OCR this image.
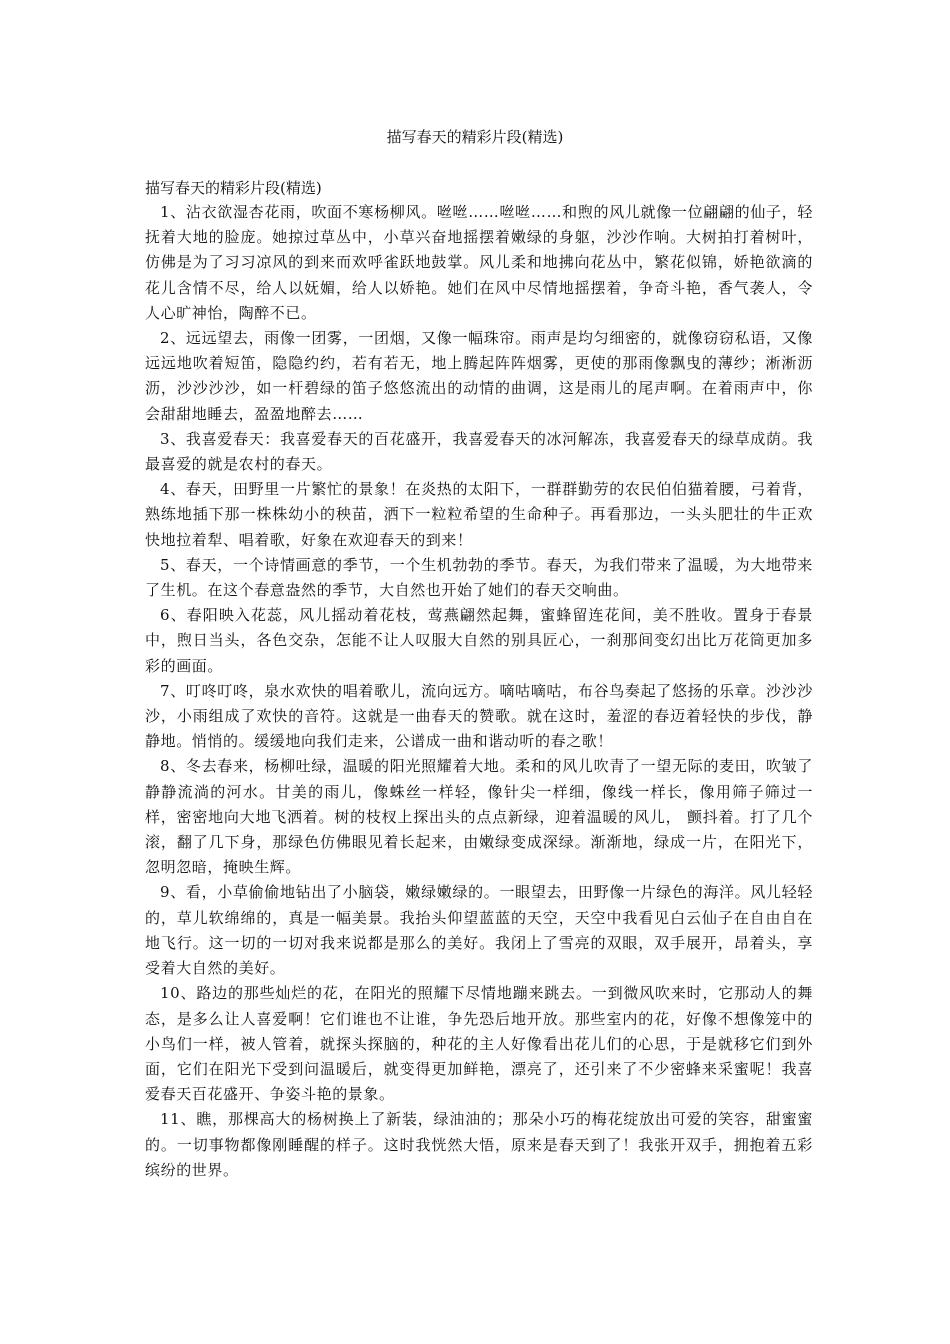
描写春天的精彩片段(精选)

描写春天的精彩片段(精选)

1、沾衣欲湿杏花雨，吹面不寒杨柳风。咝咝……咝咝……和煦的风儿就像一位翩翩的仙子，轻抚着大地的脸庞。她掠过草丛中，小草兴奋地摇摆着嫩绿的身躯，沙沙作响。大树拍打着树叶，仿佛是为了习习凉风的到来而欢呼雀跃地鼓掌。风儿柔和地拂向花丛中，繁花似锦，娇艳欲滴的花儿含情不尽，给人以妩媚，给人以娇艳。她们在风中尽情地摇摆着，争奇斗艳，香气袭人，令人心旷神怡，陶醉不已。

2、远远望去，雨像一团雾，一团烟，又像一幅珠帘。雨声是均匀细密的，就像窃窃私语，又像远远地吹着短笛，隐隐约约，若有若无，地上腾起阵阵烟雾，更使的那雨像飘曳的薄纱；淅淅沥沥，沙沙沙沙，如一杆碧绿的笛子悠悠流出的动情的曲调，这是雨儿的尾声啊。在着雨声中，你会甜甜地睡去，盈盈地醉去……

3、我喜爱春天：我喜爱春天的百花盛开，我喜爱春天的冰河解冻，我喜爱春天的绿草成荫。我最喜爱的就是农村的春天。

4、春天，田野里一片繁忙的景象！在炎热的太阳下，一群群勤劳的农民伯伯猫着腰，弓着背，熟练地插下那一株株幼小的秧苗，洒下一粒粒希望的生命种子。再看那边，一头头肥壮的牛正欢快地拉着犁、唱着歌，好象在欢迎春天的到来！

5、春天，一个诗情画意的季节，一个生机勃勃的季节。春天，为我们带来了温暖，为大地带来了生机。在这个春意盎然的季节，大自然也开始了她们的春天交响曲。

6、春阳映入花蕊，风儿摇动着花枝，莺燕翩然起舞，蜜蜂留连花间，美不胜收。置身于春景中，煦日当头，各色交杂，怎能不让人叹服大自然的别具匠心，一刹那间变幻出比万花筒更加多彩的画面。

7、叮咚叮咚，泉水欢快的唱着歌儿，流向远方。嘀咕嘀咕，布谷鸟奏起了悠扬的乐章。沙沙沙沙，小雨组成了欢快的音符。这就是一曲春天的赞歌。就在这时，羞涩的春迈着轻快的步伐，静静地。悄悄的。缓缓地向我们走来，公谱成一曲和谐动听的春之歌！

8、冬去春来，杨柳吐绿，温暖的阳光照耀着大地。柔和的风儿吹青了一望无际的麦田，吹皱了静静流淌的河水。甘美的雨儿，像蛛丝一样轻，像针尖一样细，像线一样长，像用筛子筛过一样，密密地向大地飞洒着。树的枝杈上探出头的点点新绿，迎着温暖的风儿， 颤抖着。打了几个滚，翻了几下身，那绿色仿佛眼见着长起来，由嫩绿变成深绿。渐渐地，绿成一片，在阳光下，忽明忽暗，掩映生辉。

9、看，小草偷偷地钻出了小脑袋，嫩绿嫩绿的。一眼望去，田野像一片绿色的海洋。风儿轻轻的，草儿软绵绵的，真是一幅美景。我抬头仰望蓝蓝的天空，天空中我看见白云仙子在自由自在地飞行。这一切的一切对我来说都是那么的美好。我闭上了雪亮的双眼，双手展开，昂着头，享受着大自然的美好。

10、路边的那些灿烂的花，在阳光的照耀下尽情地蹦来跳去。一到微风吹来时，它那动人的舞态，是多么让人喜爱啊！它们谁也不让谁，争先恐后地开放。那些室内的花，好像不想像笼中的小鸟们一样，被人管着，就探头探脑的，种花的主人好像看出花儿们的心思，于是就移它们到外面，它们在阳光下受到问温暖后，就变得更加鲜艳，漂亮了，还引来了不少密蜂来采蜜呢！我喜爱春天百花盛开、争姿斗艳的景象。

11、瞧，那棵高大的杨树换上了新装，绿油油的；那朵小巧的梅花绽放出可爱的笑容，甜蜜蜜的。一切事物都像刚睡醒的样子。这时我恍然大悟，原来是春天到了！我张开双手，拥抱着五彩缤纷的世界。
